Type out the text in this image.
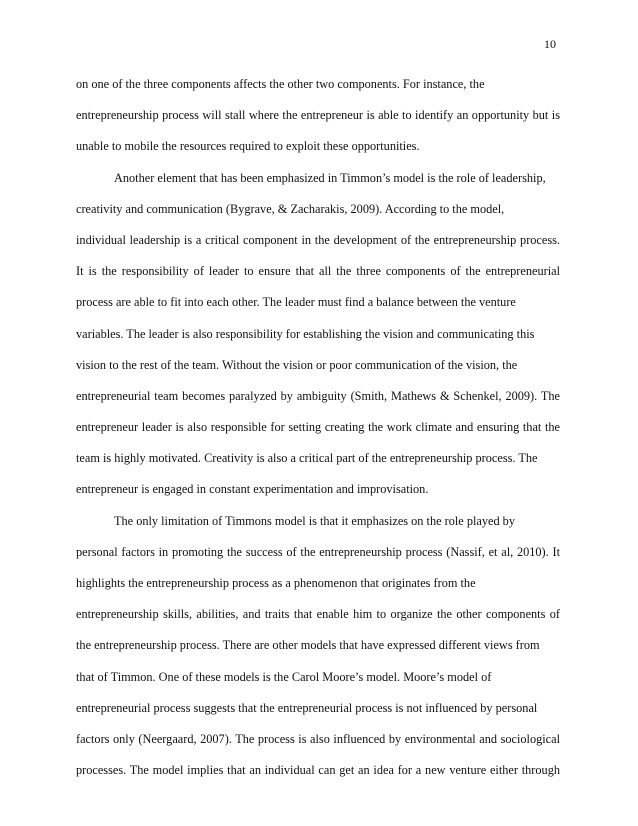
10
on one of the three components affects the other two components. For instance, the
entrepreneurship process will stall where the entrepreneur is able to identify an opportunity but is
unable to mobile the resources required to exploit these opportunities.
Another element that has been emphasized in Timmon’s model is the role of leadership,
creativity and communication (Bygrave, & Zacharakis, 2009). According to the model,
individual leadership is a critical component in the development of the entrepreneurship process.
It is the responsibility of leader to ensure that all the three components of the entrepreneurial
process are able to fit into each other. The leader must find a balance between the venture
variables. The leader is also responsibility for establishing the vision and communicating this
vision to the rest of the team. Without the vision or poor communication of the vision, the
entrepreneurial team becomes paralyzed by ambiguity (Smith, Mathews & Schenkel, 2009). The
entrepreneur leader is also responsible for setting creating the work climate and ensuring that the
team is highly motivated. Creativity is also a critical part of the entrepreneurship process. The
entrepreneur is engaged in constant experimentation and improvisation.
The only limitation of Timmons model is that it emphasizes on the role played by
personal factors in promoting the success of the entrepreneurship process (Nassif, et al, 2010). It
highlights the entrepreneurship process as a phenomenon that originates from the
entrepreneurship skills, abilities, and traits that enable him to organize the other components of
the entrepreneurship process. There are other models that have expressed different views from
that of Timmon. One of these models is the Carol Moore’s model. Moore’s model of
entrepreneurial process suggests that the entrepreneurial process is not influenced by personal
factors only (Neergaard, 2007). The process is also influenced by environmental and sociological
processes. The model implies that an individual can get an idea for a new venture either through
